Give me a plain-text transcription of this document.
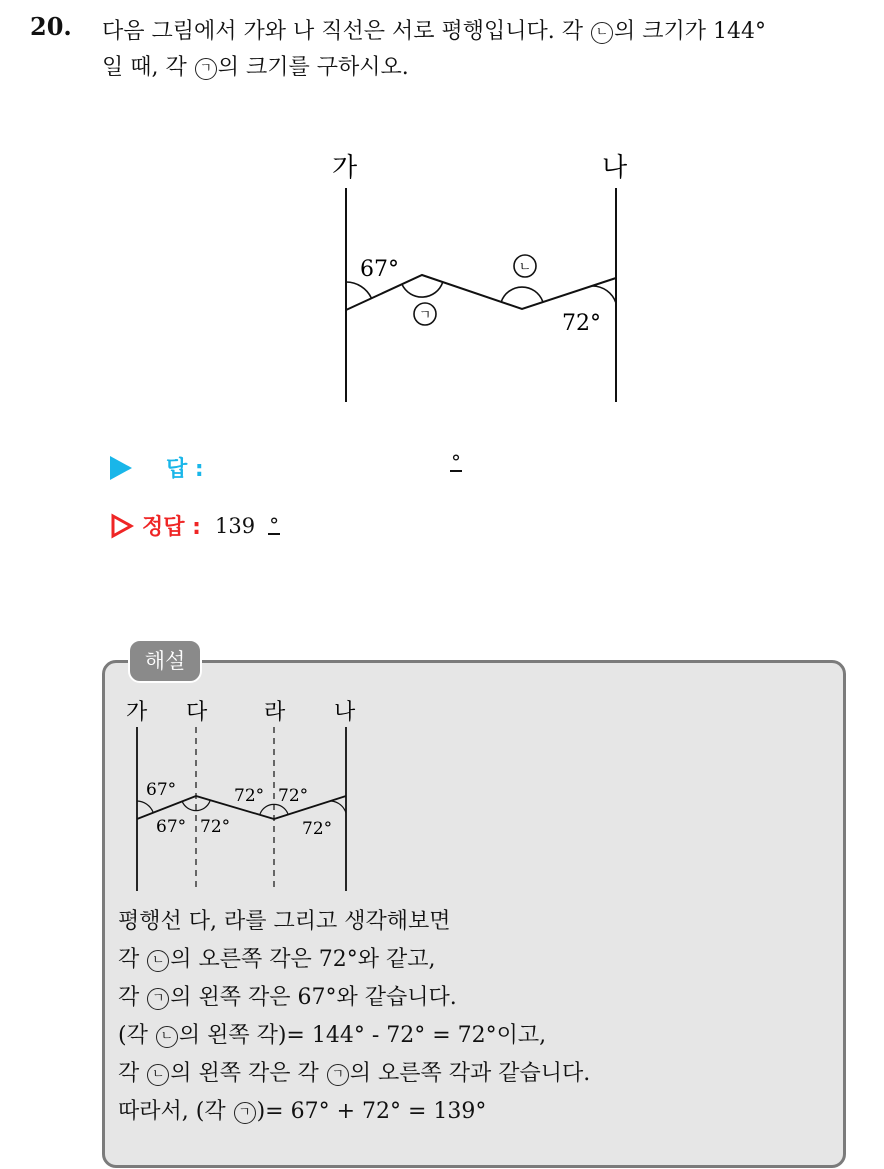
20. 다음 그림에서 가와 나 직선은 서로 평행입니다. 각 ㄴ 의 크기가 144°
일 때, 각 ㄱ 의 크기를 구하시오.
가	나
67°
72°
ㄱ
ㄴ
답 :	°
정답 : 139 °
해설
가 다	라 나
67°
67° 72°
72° 72°
72°
평행선 다, 라를 그리고 생각해보면
각 ㄴ 의 오른쪽 각은 72°와 같고,
각 ㄱ 의 왼쪽 각은 67°와 같습니다.
(각 ㄴ 의 왼쪽 각)= 144° - 72° = 72°이고,
각 ㄴ 의 왼쪽 각은 각 ㄱ 의 오른쪽 각과 같습니다.
따라서, (각 ㄱ )= 67° + 72° = 139°
